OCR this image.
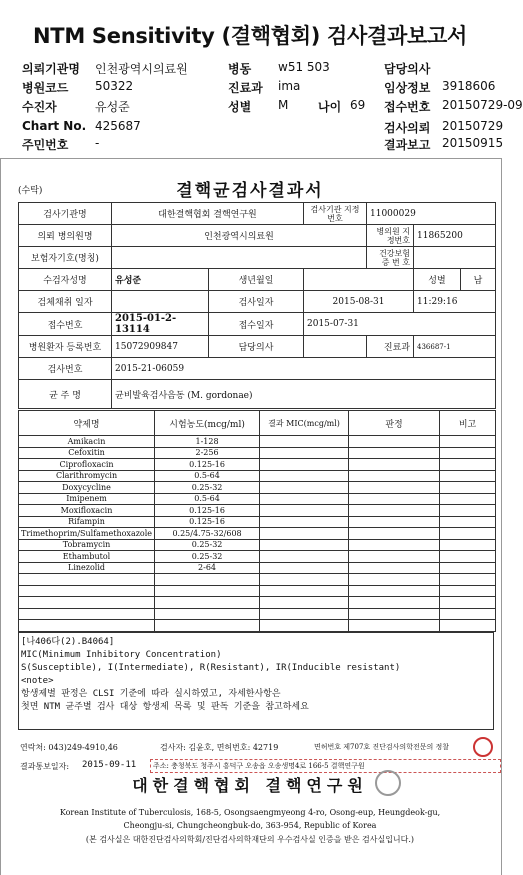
NTM Sensitivity (결핵협회) 검사결과보고서
의뢰기관명 인천광역시의료원	병동 w51 503	담당의사
병원코드 50322	진료과 ima	임상정보 3918606
수진자	유성준	성별 M 나이 69 접수번호 20150729-09
Chart No. 425687	검사의뢰 20150729
주민번호 -	결과보고 20150915
(수탁)	결핵균검사결과서
검사기관명	대한결핵협회 결핵연구원		검사기관 지정번호	11000029		
의뢰 병의원명	인천광역시의료원			병의원 지정번호	11865200	
보험자기호(명칭)				건강보험 증 번 호		
수검자성명	유성준	생년월일			성별	남
검체채취 일자		검사일자	2015-08-31		11:29:16	
접수번호	2015-01-2-13114	접수일자	2015-07-31			
병원환자 등록번호	15072909847	담당의사		진료과	436687-1	
검사번호	2015-21-06059					
균 주 명	균비발육검사음동 (M. gordonae)					
약제명	시험농도(mcg/ml)	결과 MIC(mcg/ml)	판정	비고
Amikacin	1-128			
Cefoxitin	2-256			
Ciprofloxacin	0.125-16			
Clarithromycin	0.5-64			
Doxycycline	0.25-32			
Imipenem	0.5-64			
Moxifloxacin	0.125-16			
Rifampin	0.125-16			
Trimethoprim/Sulfamethoxazole	0.25/4.75-32/608			
Tobramycin	0.25-32			
Ethambutol	0.25-32			
Linezolid	2-64			

[나406다(2).B4064]
MIC(Minimum Inhibitory Concentration)
S(Susceptible), I(Intermediate), R(Resistant), IR(Inducible resistant)
<note>
항생제별 판정은 CLSI 기준에 따라 실시하였고, 자세한사항은
첫면 NTM 균주별 검사 대상 항생제 목록 및 판독 기준을 참고하세요
연락처: 043)249-4910,46	검사자: 김윤호, 면허번호: 42719	면허번호 제707호 진단검사의학전문의 정찰
결과통보일자: 2015-09-11	주소: 충청북도 청주시 흥덕구 오송읍 오송생명4로 166-5 결핵연구원
대한결핵협회 결핵연구원
Korean Institute of Tuberculosis, 168-5, Osongsaengmyeong 4-ro, Osong-eup, Heungdeok-gu,
Cheongju-si, Chungcheongbuk-do, 363-954, Republic of Korea
(본 검사실은 대한진단검사의학회/진단검사의학재단의 우수검사실 인증을 받은 검사실입니다.)
